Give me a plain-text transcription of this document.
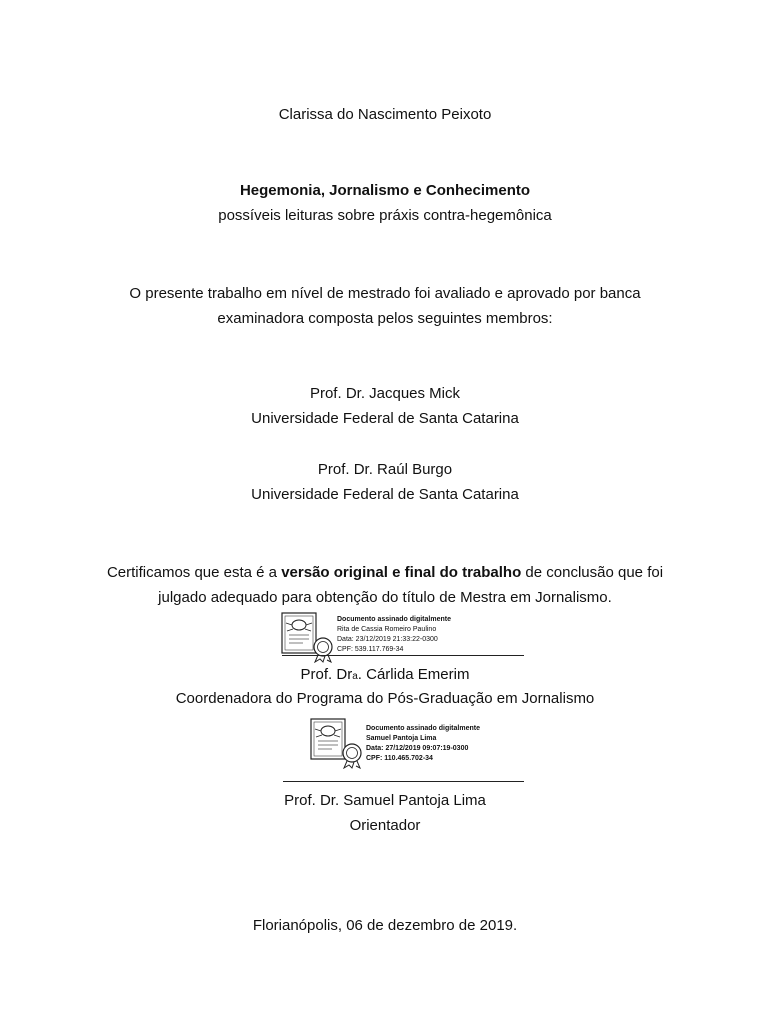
Clarissa do Nascimento Peixoto
Hegemonia, Jornalismo e Conhecimento
possíveis leituras sobre práxis contra-hegemônica
O presente trabalho em nível de mestrado foi avaliado e aprovado por banca
examinadora composta pelos seguintes membros:
Prof. Dr. Jacques Mick
Universidade Federal de Santa Catarina
Prof. Dr. Raúl Burgo
Universidade Federal de Santa Catarina
Certificamos que esta é a versão original e final do trabalho de conclusão que foi
julgado adequado para obtenção do título de Mestra em Jornalismo.
Documento assinado digitalmente
Rita de Cassia Romeiro Paulino
Data: 23/12/2019 21:33:22-0300
CPF: 539.117.769-34
Prof. Dra. Cárlida Emerim
Coordenadora do Programa do Pós-Graduação em Jornalismo
Documento assinado digitalmente
Samuel Pantoja Lima
Data: 27/12/2019 09:07:19-0300
CPF: 110.465.702-34
Prof. Dr. Samuel Pantoja Lima
Orientador
Florianópolis, 06 de dezembro de 2019.
